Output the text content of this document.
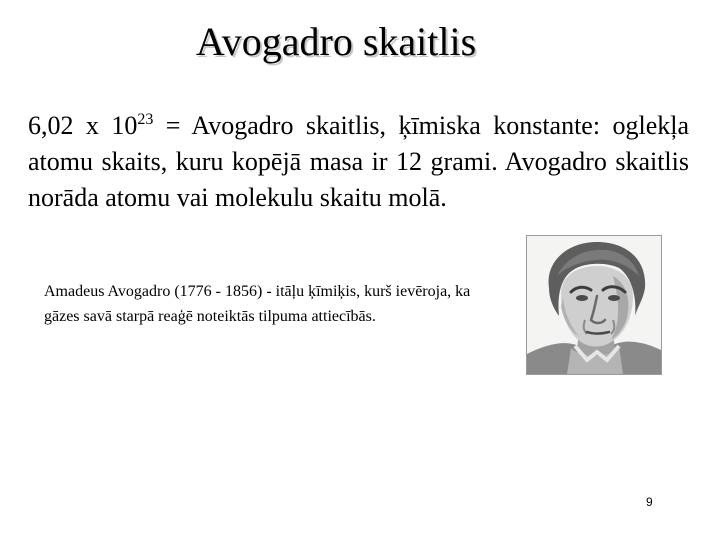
Avogadro skaitlis
6,02 x $10^{23}$ = Avogadro skaitlis, ķīmiska konstante: oglekļa atomu skaits, kuru kopējā masa ir 12 grami. Avogadro skaitlis norāda atomu vai molekulu skaitu molā.
Amadeus Avogadro (1776 - 1856) - itāļu ķīmiķis, kurš ievēroja, ka gāzes savā starpā reaģē noteiktās tilpuma attiecībās.
9
